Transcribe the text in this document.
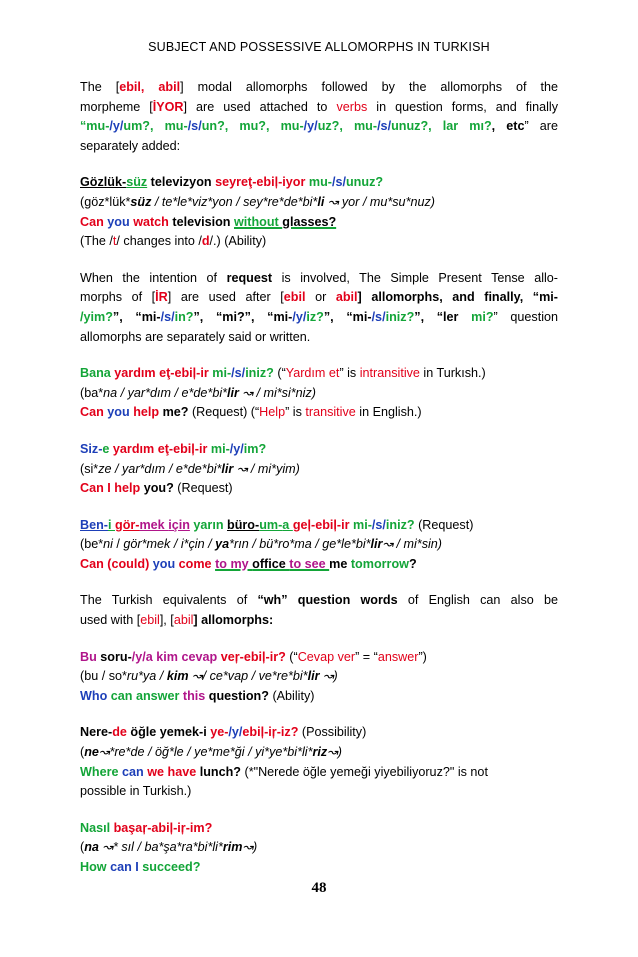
SUBJECT AND POSSESSIVE ALLOMORPHS IN TURKISH
The [ebil, abil] modal allomorphs followed by the allomorphs of the
morpheme [İYOR] are used attached to verbs in question forms, and finally
“mu-/y/um?, mu-/s/un?, mu?, mu-/y/uz?, mu-/s/unuz?, lar mı?, etc” are
separately added:
Gözlük-süz televizyon seyreţ-ebiļ-iyor mu-/s/unuz?
(göz*lük*süz / te*le*viz*yon / sey*re*de*bi*li ↝ yor / mu*su*nuz)
Can you watch television without glasses?
(The /t/ changes into /d/.) (Ability)
When the intention of request is involved, The Simple Present Tense allo-
morphs of [İR] are used after [ebil or abil] allomorphs, and finally, “mi-
/yim?”, “mi-/s/in?”, “mi?”, “mi-/y/iz?”, “mi-/s/iniz?”, “ler mi?” question
allomorphs are separately said or written.
Bana yardım eţ-ebiļ-ir mi-/s/iniz? (“Yardım et” is intransitive in Turkısh.)
(ba*na / yar*dım / e*de*bi*lir ↝ / mi*si*niz)
Can you help me? (Request) (“Help” is transitive in English.)
Siz-e yardım eţ-ebiļ-ir mi-/y/im?
(si*ze / yar*dım / e*de*bi*lir ↝ / mi*yim)
Can I help you? (Request)
Ben-i gör-mek için yarın büro-um-a geļ-ebiļ-ir mi-/s/iniz? (Request)
(be*ni / gör*mek / i*çin / ya*rın / bü*ro*ma / ge*le*bi*lir↝ / mi*sin)
Can (could) you come to my office to see me tomorrow?
The Turkish equivalents of “wh” question words of English can also be
used with [ebil], [abil] allomorphs:
Bu soru-/y/a kim cevap veŗ-ebiļ-ir? (“Cevap ver” = “answer”)
(bu / so*ru*ya / kim ↝/ ce*vap / ve*re*bi*lir ↝)
Who can answer this question? (Ability)
Nere-de öğle yemek-i ye-/y/ebiļ-iŗ-iz? (Possibility)
(ne↝*re*de / öğ*le / ye*me*ği / yi*ye*bi*li*riz↝)
Where can we have lunch? (*"Nerede öğle yemeği yiyebiliyoruz?" is not
possible in Turkish.)
Nasıl başaŗ-abiļ-iŗ-im?
(na ↝* sıl / ba*şa*ra*bi*li*rim↝)
How can I succeed?
48
